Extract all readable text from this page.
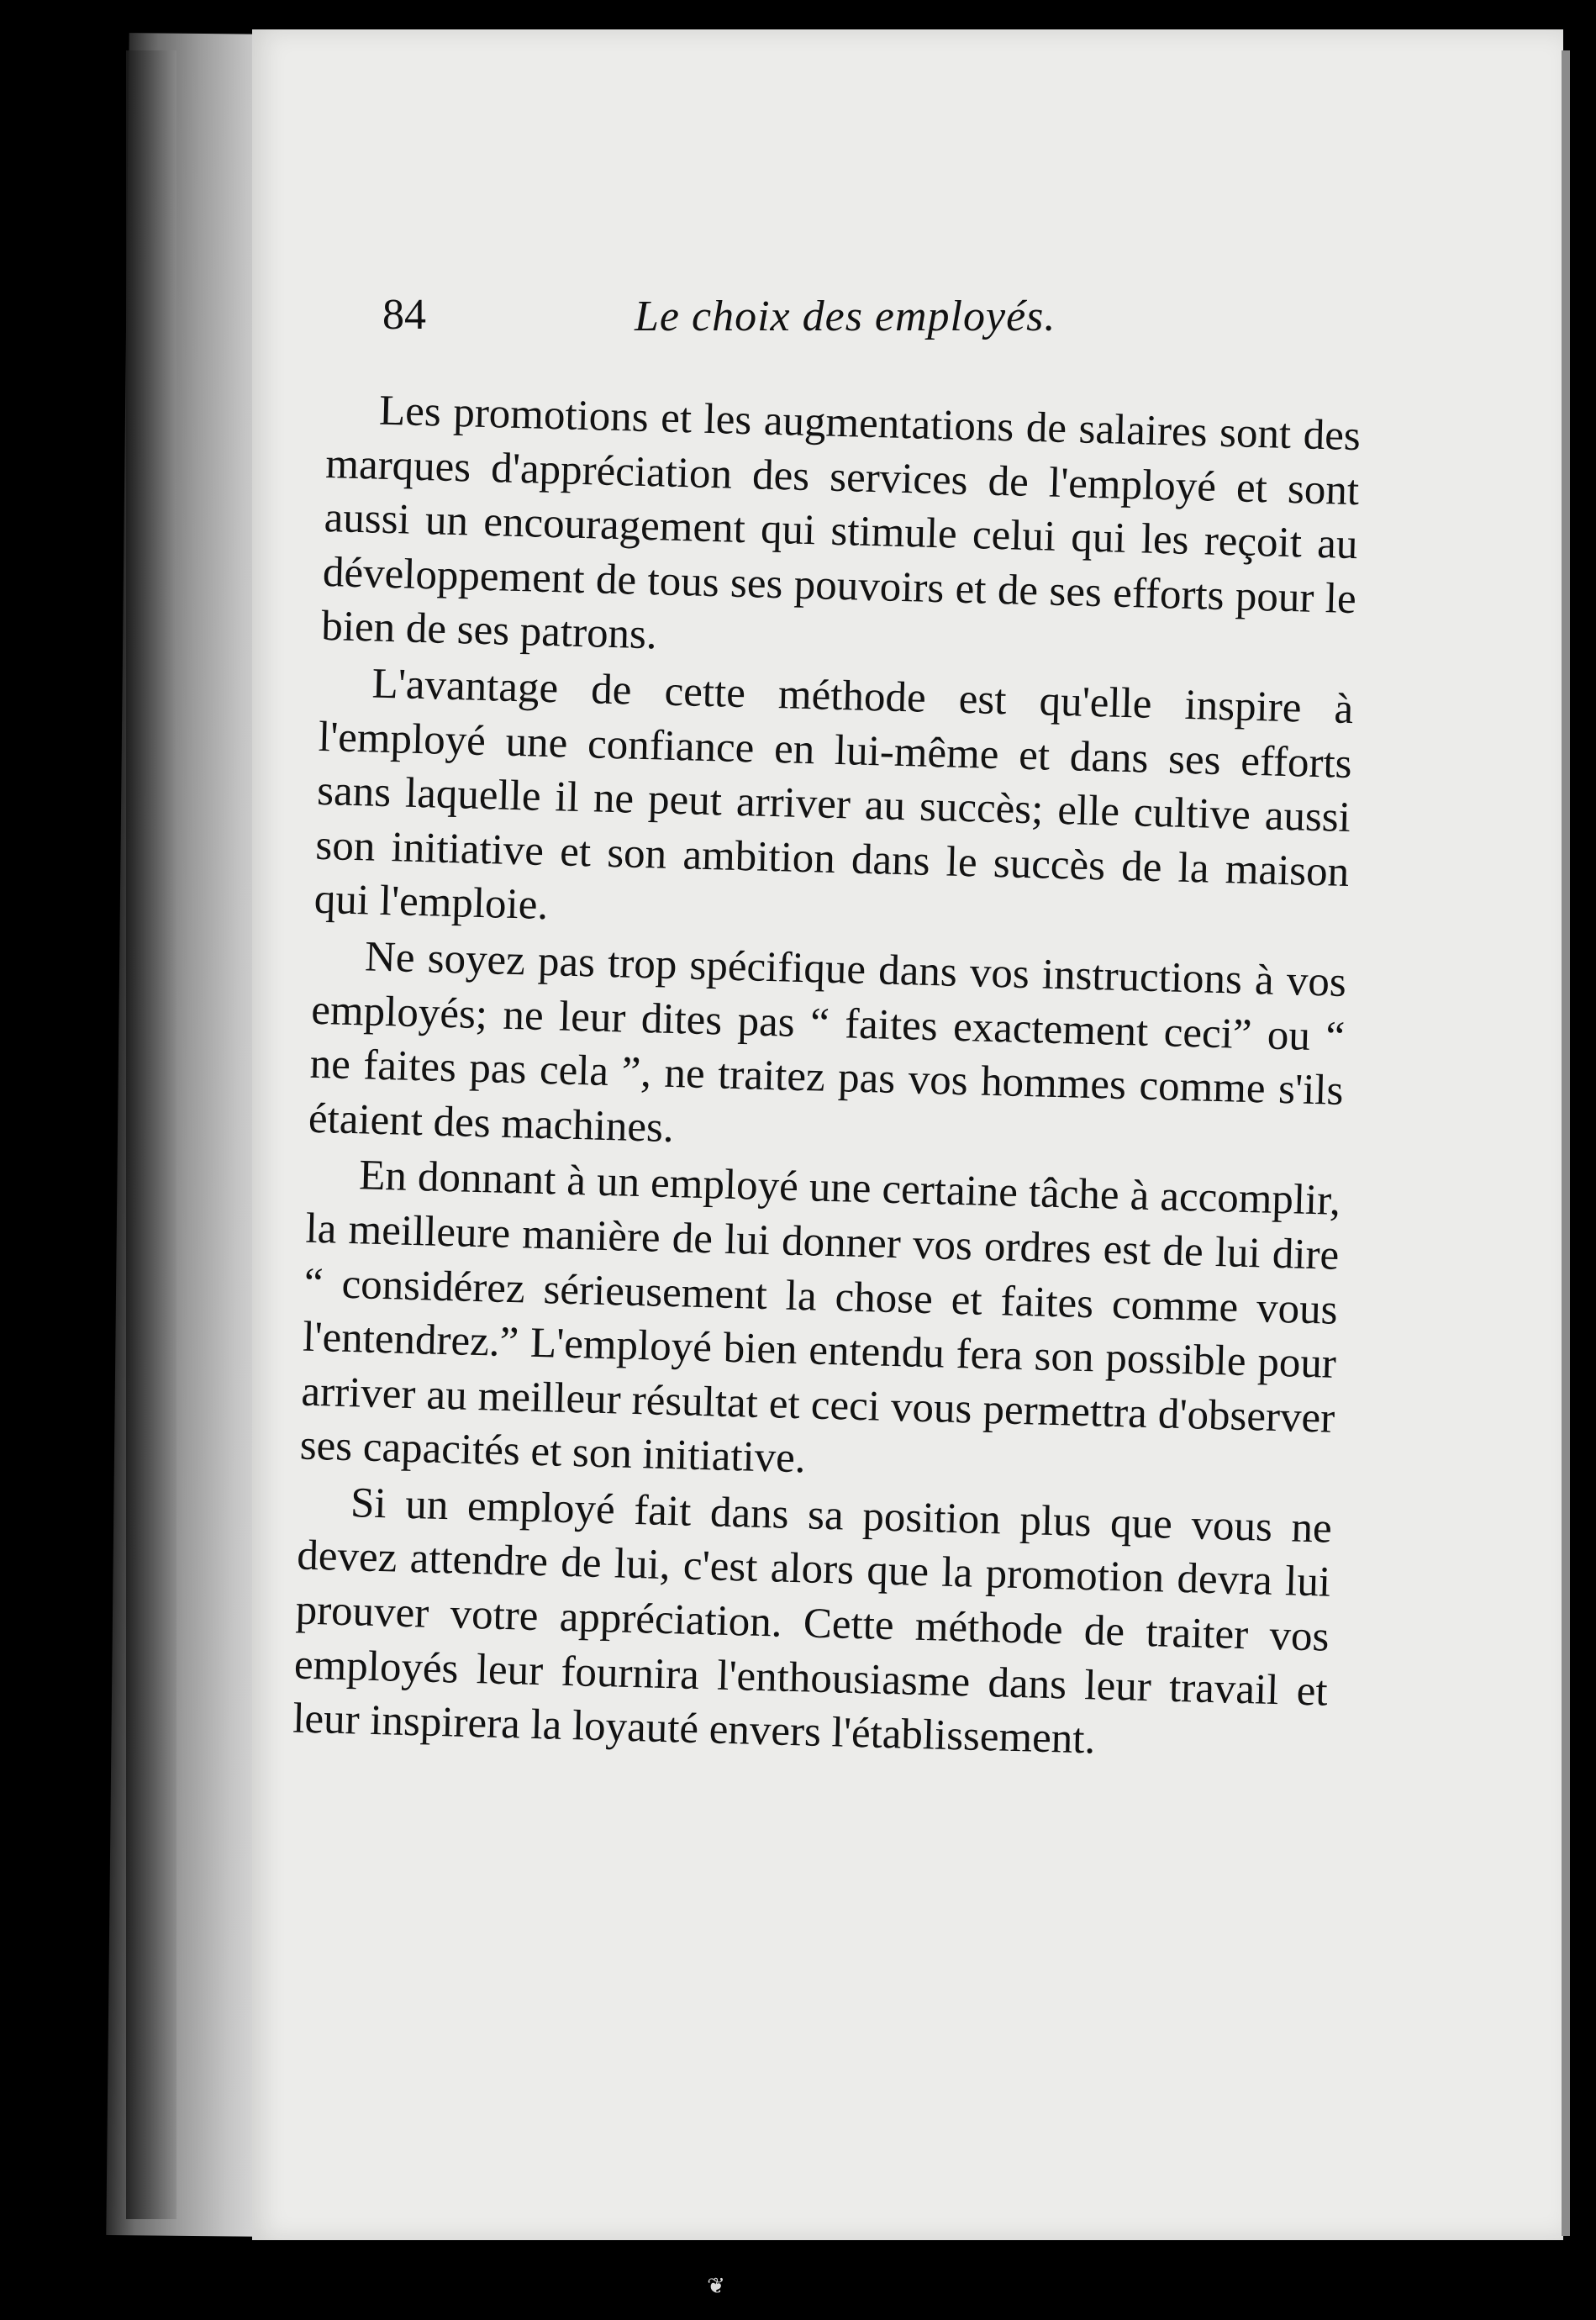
84	Le choix des employés.

Les promotions et les augmentations de salaires sont des marques d'appréciation des services de l'employé et sont aussi un encouragement qui stimule celui qui les reçoit au développement de tous ses pouvoirs et de ses efforts pour le bien de ses patrons.

L'avantage de cette méthode est qu'elle inspire à l'employé une confiance en lui-même et dans ses efforts sans laquelle il ne peut arriver au succès; elle cultive aussi son initiative et son ambition dans le succès de la maison qui l'emploie.

Ne soyez pas trop spécifique dans vos instructions à vos employés; ne leur dites pas “ faites exactement ceci” ou “ ne faites pas cela ”, ne traitez pas vos hommes comme s'ils étaient des machines.

En donnant à un employé une certaine tâche à accomplir, la meilleure manière de lui donner vos ordres est de lui dire “ considérez sérieusement la chose et faites comme vous l'entendrez.” L'employé bien entendu fera son possible pour arriver au meilleur résultat et ceci vous permettra d'observer ses capacités et son initiative.

Si un employé fait dans sa position plus que vous ne devez attendre de lui, c'est alors que la promotion devra lui prouver votre appréciation. Cette méthode de traiter vos employés leur fournira l'enthousiasme dans leur travail et leur inspirera la loyauté envers l'établissement.

❦
